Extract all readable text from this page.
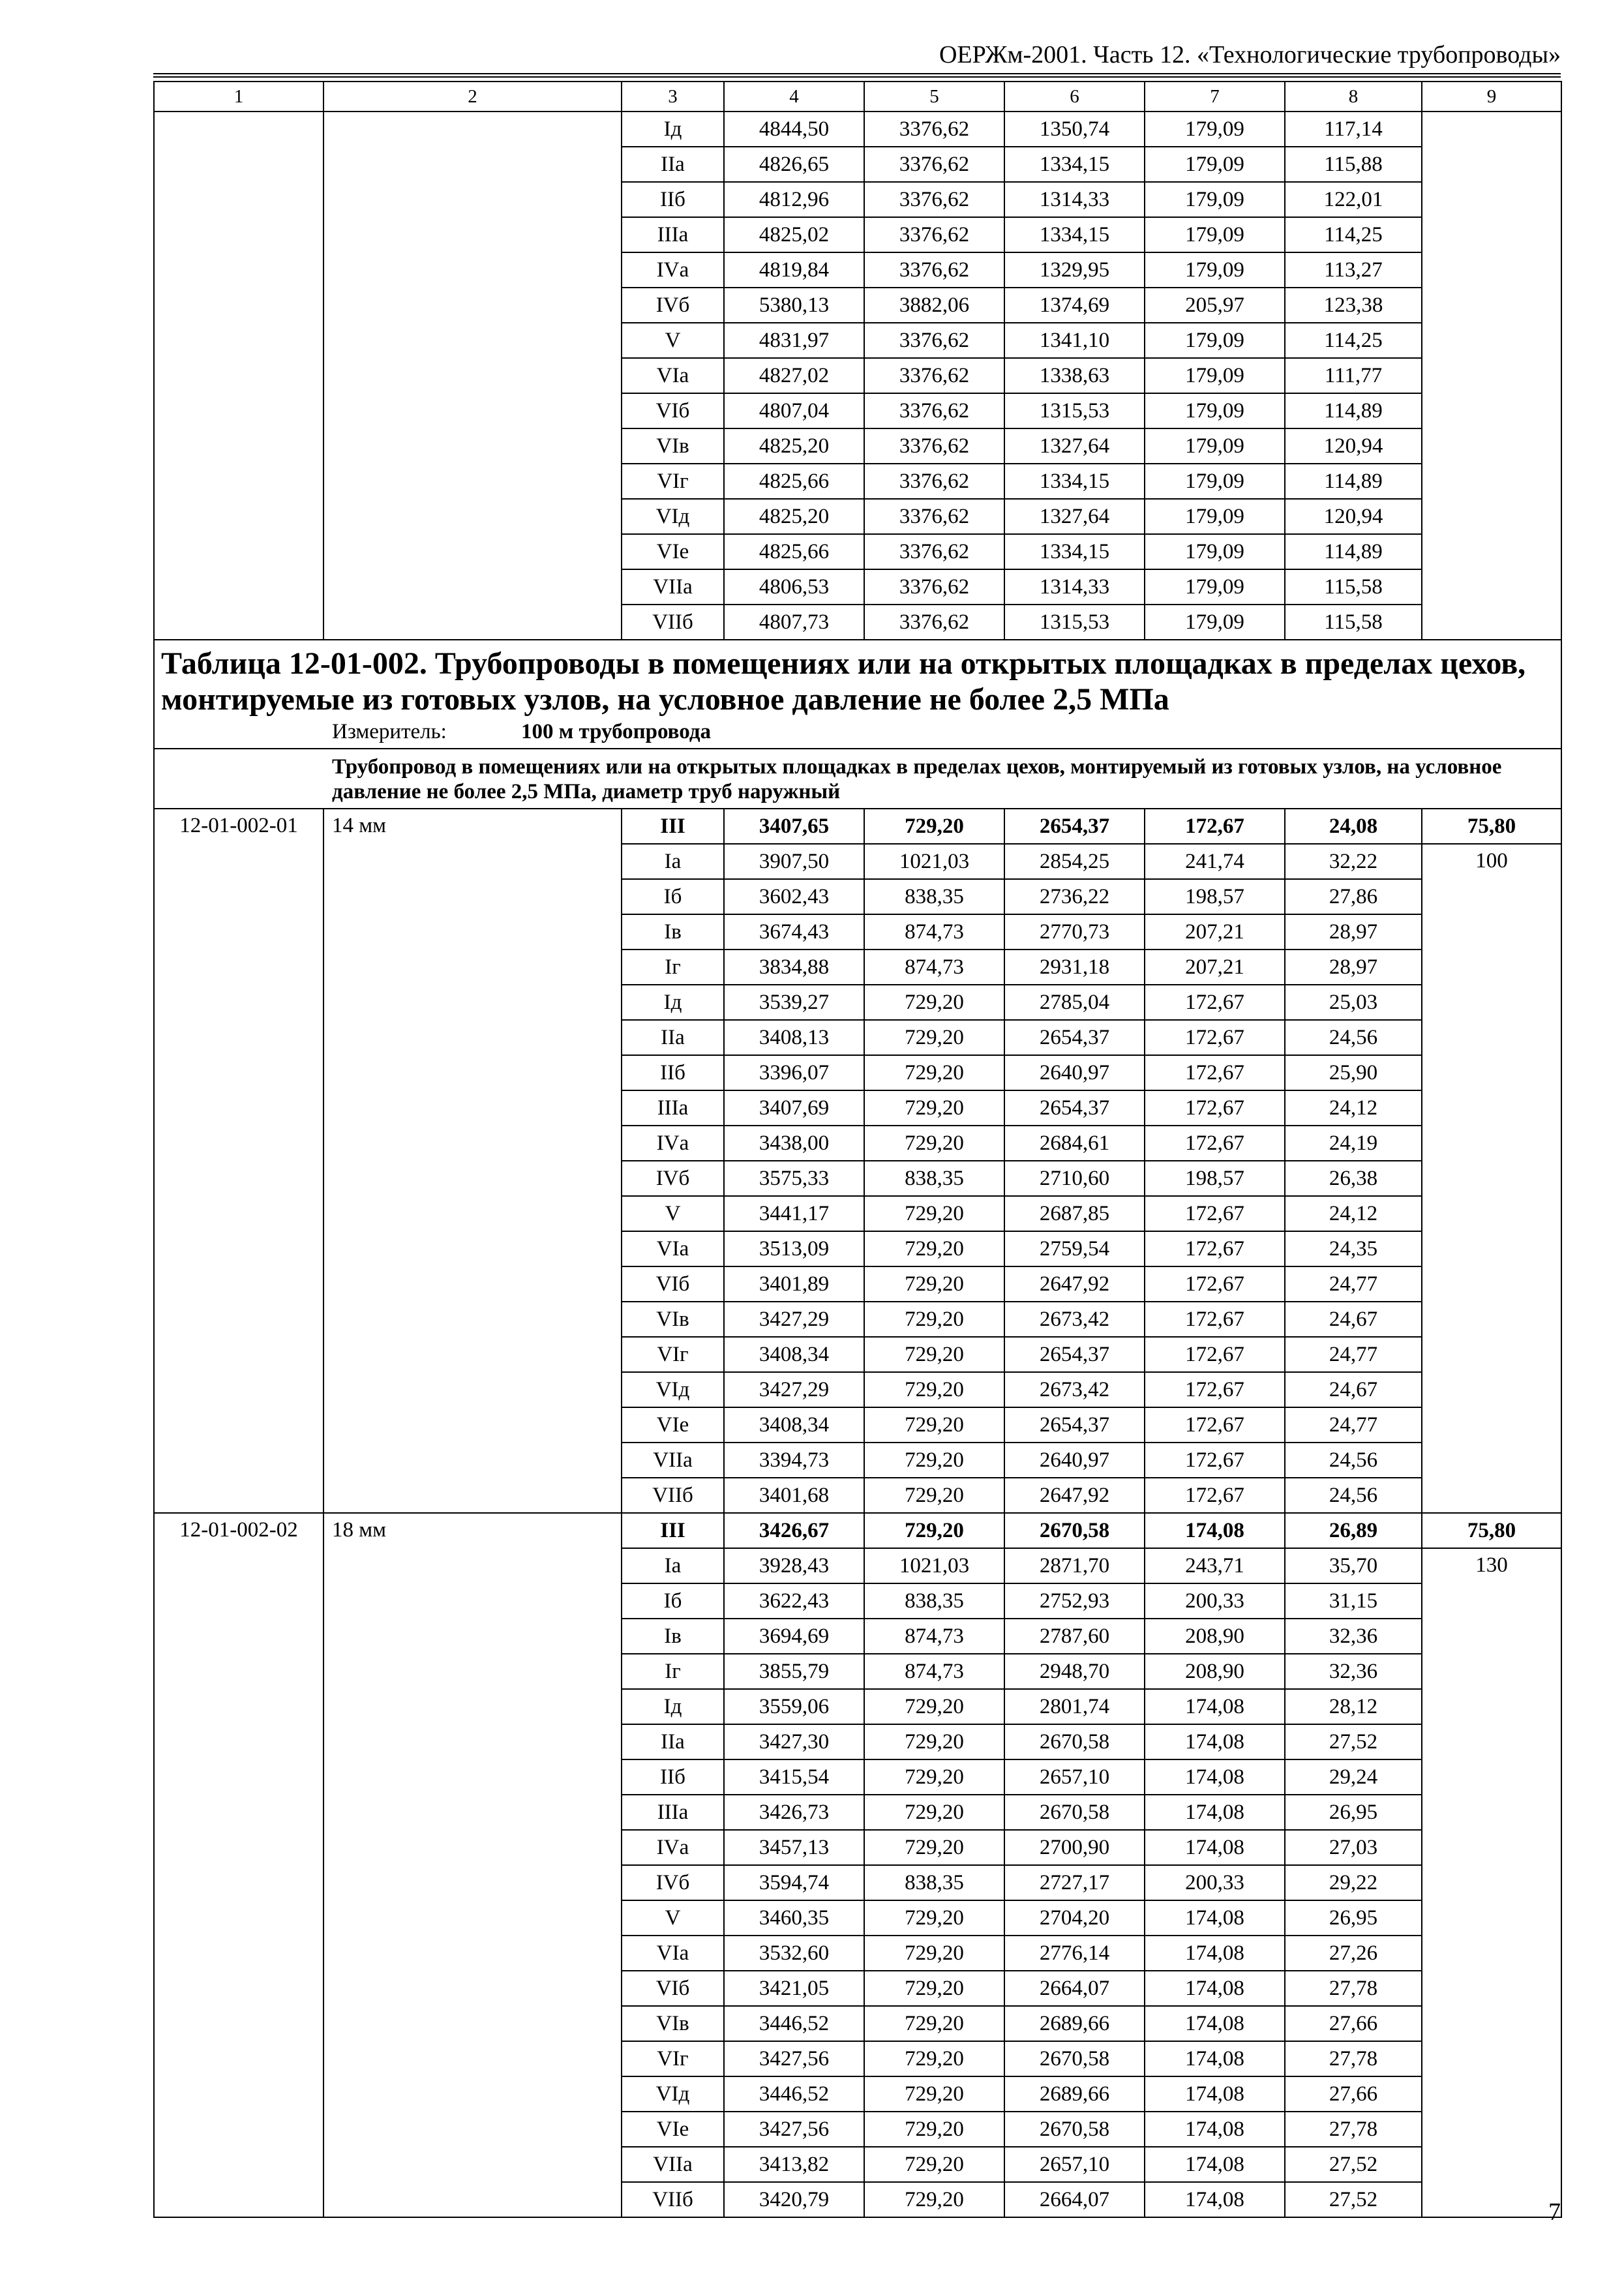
ОЕРЖм-2001. Часть 12. «Технологические трубопроводы»
1	2	3	4	5	6	7	8	9
		Iд	4844,50	3376,62	1350,74	179,09	117,14	
		IIа	4826,65	3376,62	1334,15	179,09	115,88	
		IIб	4812,96	3376,62	1314,33	179,09	122,01	
		IIIа	4825,02	3376,62	1334,15	179,09	114,25	
		IVа	4819,84	3376,62	1329,95	179,09	113,27	
		IVб	5380,13	3882,06	1374,69	205,97	123,38	
		V	4831,97	3376,62	1341,10	179,09	114,25	
		VIа	4827,02	3376,62	1338,63	179,09	111,77	
		VIб	4807,04	3376,62	1315,53	179,09	114,89	
		VIв	4825,20	3376,62	1327,64	179,09	120,94	
		VIг	4825,66	3376,62	1334,15	179,09	114,89	
		VIд	4825,20	3376,62	1327,64	179,09	120,94	
		VIе	4825,66	3376,62	1334,15	179,09	114,89	
		VIIа	4806,53	3376,62	1314,33	179,09	115,58	
		VIIб	4807,73	3376,62	1315,53	179,09	115,58	

Таблица 12-01-002. Трубопроводы в помещениях или на открытых площадках в пределах цехов, монтируемые из готовых узлов, на условное давление не более 2,5 МПа
Измеритель: 100 м трубопровода								

Трубопровод в помещениях или на открытых площадках в пределах цехов, монтируемый из готовых узлов, на условное давление не более 2,5 МПа, диаметр труб наружный								
12-01-002-01	14 мм	III	3407,65	729,20	2654,37	172,67	24,08	75,80
		Iа	3907,50	1021,03	2854,25	241,74	32,22	100
		Iб	3602,43	838,35	2736,22	198,57	27,86	
		Iв	3674,43	874,73	2770,73	207,21	28,97	
		Iг	3834,88	874,73	2931,18	207,21	28,97	
		Iд	3539,27	729,20	2785,04	172,67	25,03	
		IIа	3408,13	729,20	2654,37	172,67	24,56	
		IIб	3396,07	729,20	2640,97	172,67	25,90	
		IIIа	3407,69	729,20	2654,37	172,67	24,12	
		IVа	3438,00	729,20	2684,61	172,67	24,19	
		IVб	3575,33	838,35	2710,60	198,57	26,38	
		V	3441,17	729,20	2687,85	172,67	24,12	
		VIа	3513,09	729,20	2759,54	172,67	24,35	
		VIб	3401,89	729,20	2647,92	172,67	24,77	
		VIв	3427,29	729,20	2673,42	172,67	24,67	
		VIг	3408,34	729,20	2654,37	172,67	24,77	
		VIд	3427,29	729,20	2673,42	172,67	24,67	
		VIе	3408,34	729,20	2654,37	172,67	24,77	
		VIIа	3394,73	729,20	2640,97	172,67	24,56	
		VIIб	3401,68	729,20	2647,92	172,67	24,56	
12-01-002-02	18 мм	III	3426,67	729,20	2670,58	174,08	26,89	75,80
		Iа	3928,43	1021,03	2871,70	243,71	35,70	130
		Iб	3622,43	838,35	2752,93	200,33	31,15	
		Iв	3694,69	874,73	2787,60	208,90	32,36	
		Iг	3855,79	874,73	2948,70	208,90	32,36	
		Iд	3559,06	729,20	2801,74	174,08	28,12	
		IIа	3427,30	729,20	2670,58	174,08	27,52	
		IIб	3415,54	729,20	2657,10	174,08	29,24	
		IIIа	3426,73	729,20	2670,58	174,08	26,95	
		IVа	3457,13	729,20	2700,90	174,08	27,03	
		IVб	3594,74	838,35	2727,17	200,33	29,22	
		V	3460,35	729,20	2704,20	174,08	26,95	
		VIа	3532,60	729,20	2776,14	174,08	27,26	
		VIб	3421,05	729,20	2664,07	174,08	27,78	
		VIв	3446,52	729,20	2689,66	174,08	27,66	
		VIг	3427,56	729,20	2670,58	174,08	27,78	
		VIд	3446,52	729,20	2689,66	174,08	27,66	
		VIе	3427,56	729,20	2670,58	174,08	27,78	
		VIIа	3413,82	729,20	2657,10	174,08	27,52	
		VIIб	3420,79	729,20	2664,07	174,08	27,52		7
